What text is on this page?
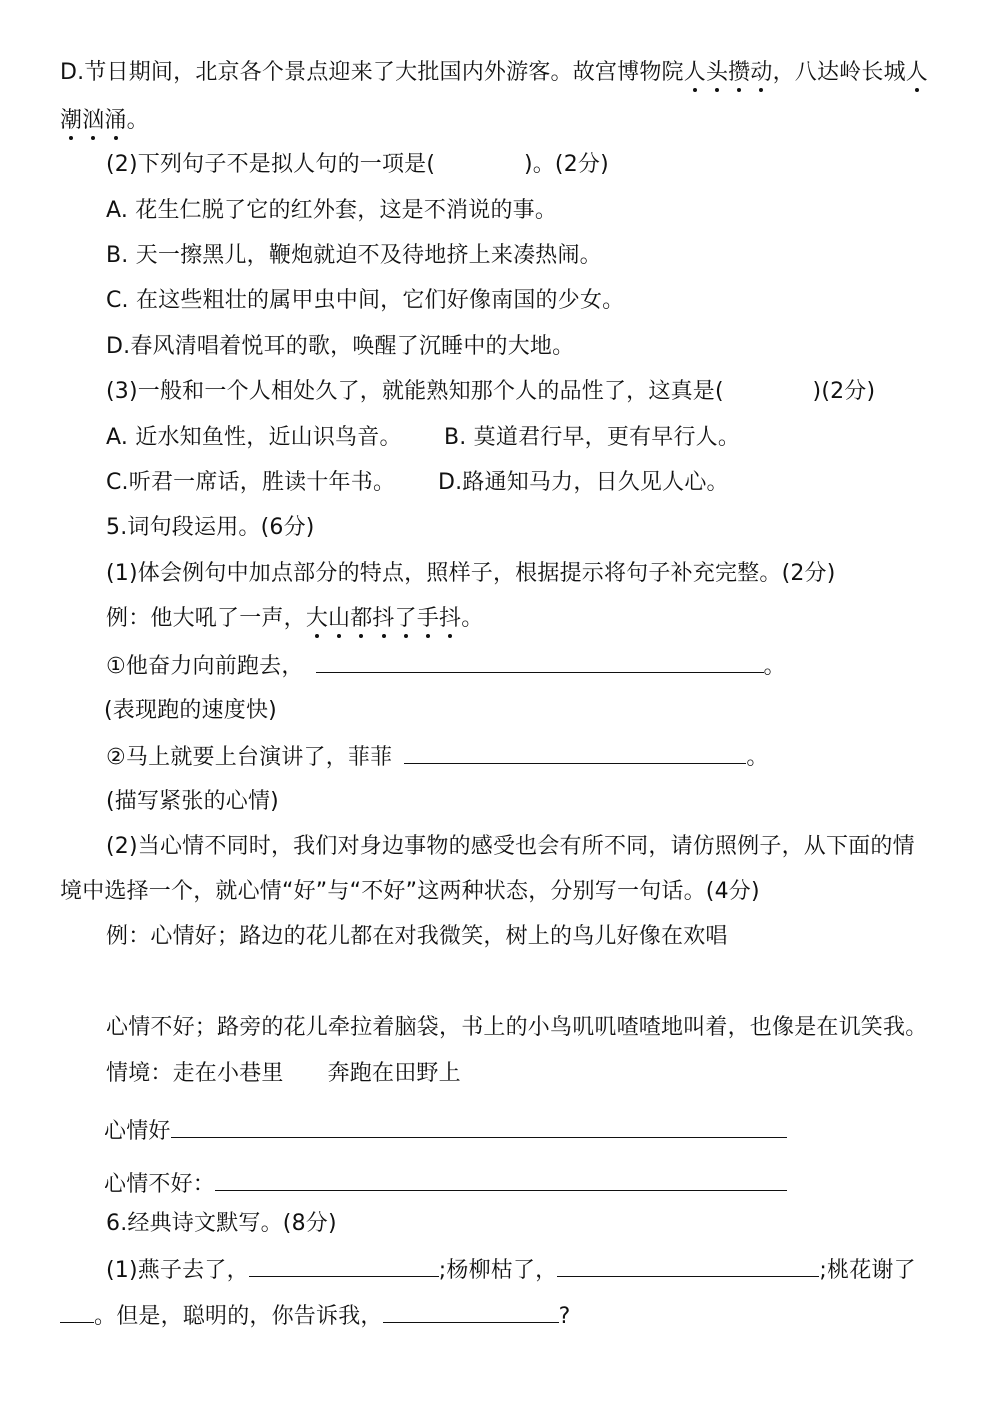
D.节日期间，北京各个景点迎来了大批国内外游客。故宫博物院人头攒动，八达岭长城人
潮汹涌。
(2)下列句子不是拟人句的一项是(　　　　)。(2分)
A. 花生仁脱了它的红外套，这是不消说的事。
B. 天一擦黑儿，鞭炮就迫不及待地挤上来凑热闹。
C. 在这些粗壮的属甲虫中间，它们好像南国的少女。
D.春风清唱着悦耳的歌，唤醒了沉睡中的大地。
(3)一般和一个人相处久了，就能熟知那个人的品性了，这真是(　　　　)(2分)
A. 近水知鱼性，近山识鸟音。 B. 莫道君行早，更有早行人。
C.听君一席话，胜读十年书。 D.路通知马力，日久见人心。
5.词句段运用。(6分)
(1)体会例句中加点部分的特点，照样子，根据提示将句子补充完整。(2分)
例：他大吼了一声，大山都抖了手抖。
①他奋力向前跑去，	。
(表现跑的速度快)
②马上就要上台演讲了，菲菲	。
(描写紧张的心情)
(2)当心情不同时，我们对身边事物的感受也会有所不同，请仿照例子，从下面的情
境中选择一个，就心情“好”与“不好”这两种状态，分别写一句话。(4分)
例：心情好；路边的花儿都在对我微笑，树上的鸟儿好像在欢唱
心情不好；路旁的花儿牵拉着脑袋，书上的小鸟叽叽喳喳地叫着，也像是在讥笑我。
情境：走在小巷里 奔跑在田野上
心情好
心情不好：
6.经典诗文默写。(8分)
(1)燕子去了，	;杨柳枯了，	;桃花谢了
。但是，聪明的，你告诉我，	?
